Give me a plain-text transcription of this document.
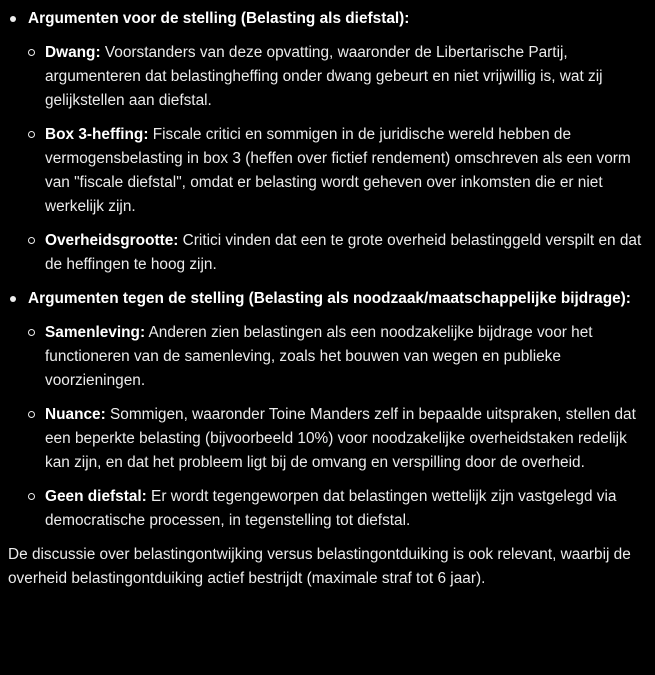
Argumenten voor de stelling (Belasting als diefstal):
Dwang: Voorstanders van deze opvatting, waaronder de Libertarische Partij, argumenteren dat belastingheffing onder dwang gebeurt en niet vrijwillig is, wat zij gelijkstellen aan diefstal.
Box 3-heffing: Fiscale critici en sommigen in de juridische wereld hebben de vermogensbelasting in box 3 (heffen over fictief rendement) omschreven als een vorm van "fiscale diefstal", omdat er belasting wordt geheven over inkomsten die er niet werkelijk zijn.
Overheidsgrootte: Critici vinden dat een te grote overheid belastinggeld verspilt en dat de heffingen te hoog zijn.
Argumenten tegen de stelling (Belasting als noodzaak/maatschappelijke bijdrage):
Samenleving: Anderen zien belastingen als een noodzakelijke bijdrage voor het functioneren van de samenleving, zoals het bouwen van wegen en publieke voorzieningen.
Nuance: Sommigen, waaronder Toine Manders zelf in bepaalde uitspraken, stellen dat een beperkte belasting (bijvoorbeeld 10%) voor noodzakelijke overheidstaken redelijk kan zijn, en dat het probleem ligt bij de omvang en verspilling door de overheid.
Geen diefstal: Er wordt tegengeworpen dat belastingen wettelijk zijn vastgelegd via democratische processen, in tegenstelling tot diefstal.

De discussie over belastingontwijking versus belastingontduiking is ook relevant, waarbij de overheid belastingontduiking actief bestrijdt (maximale straf tot 6 jaar).
